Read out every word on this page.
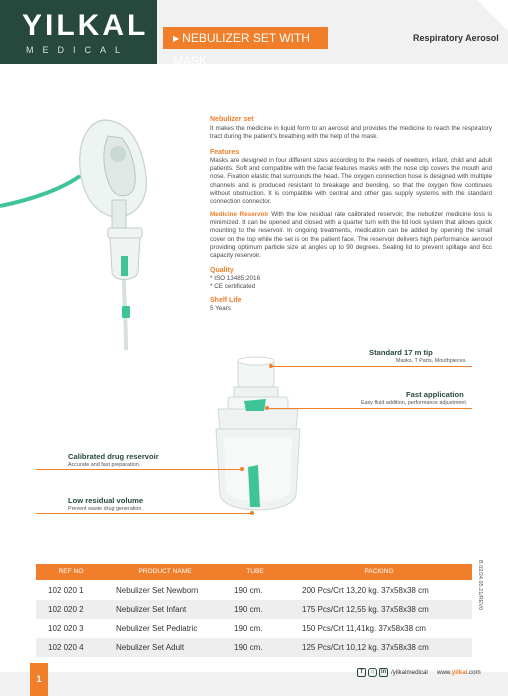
YILKAL
MEDICAL
▶ NEBULIZER SET WITH MASK
Respiratory Aerosol
Nebulizer set
It makes the medicine in liquid form to an aerosol and provides the medicine to reach the respiratory tract during the patient's breathing with the help of the mask.
Features
Masks are designed in four different sizes according to the needs of newborn, infant, child and adult patients. Soft and compatible with the facial features masks with the nose clip covers the mouth and nose. Fixation elastic that surrounds the head. The oxygen connection hose is designed with multiple channels and is produced resistant to breakage and bending, so that the oxygen flow continues without obstruction. It is compatible with central and other gas supply systems with the standard connection connector.
Medicine Reservoir With the low residual rate calibrated reservoir, the nebulizer medicine loss is minimized. It can be opened and closed with a quarter turn with the lid lock system that allows quick mounting to the reservoir. In ongoing treatments, medication can be added by opening the small cover on the top while the set is on the patient face. The reservoir delivers high performance aerosol providing optimum particle size at angles up to 90 degrees. Sealing lid to prevent spillage and 6cc capacity reservoir.
Quality
* ISO 13485:2016
* CE certificated
Shelf Life
5 Years
Standard 17 m tip
Masks, T Parts, Mouthpieces.
Fast application
Easy fluid addition, performance adjustment.
Calibrated drug reservoir
Accurate and fast preparation.
Low residual volume
Prevent waste drug generation.
REF NO	PRODUCT NAME	TUBE	PACKING
102 020 1	Nebulizer Set Newborn	190 cm.	200 Pcs/Crt 13,20 kg. 37x58x38 cm
102 020 2	Nebulizer Set Infant	190 cm.	175 Pcs/Crt 12,55 kg. 37x58x38 cm
102 020 3	Nebulizer Set Pediatric	190 cm.	150 Pcs/Crt 11,41kg. 37x58x38 cm
102 020 4	Nebulizer Set Adult	190 cm.	125 Pcs/Crt 10,12 kg. 37x58x38 cm
B.02/24.05.21/REV0
1
f	○	in /yilkalmedical www.yilkal.com
